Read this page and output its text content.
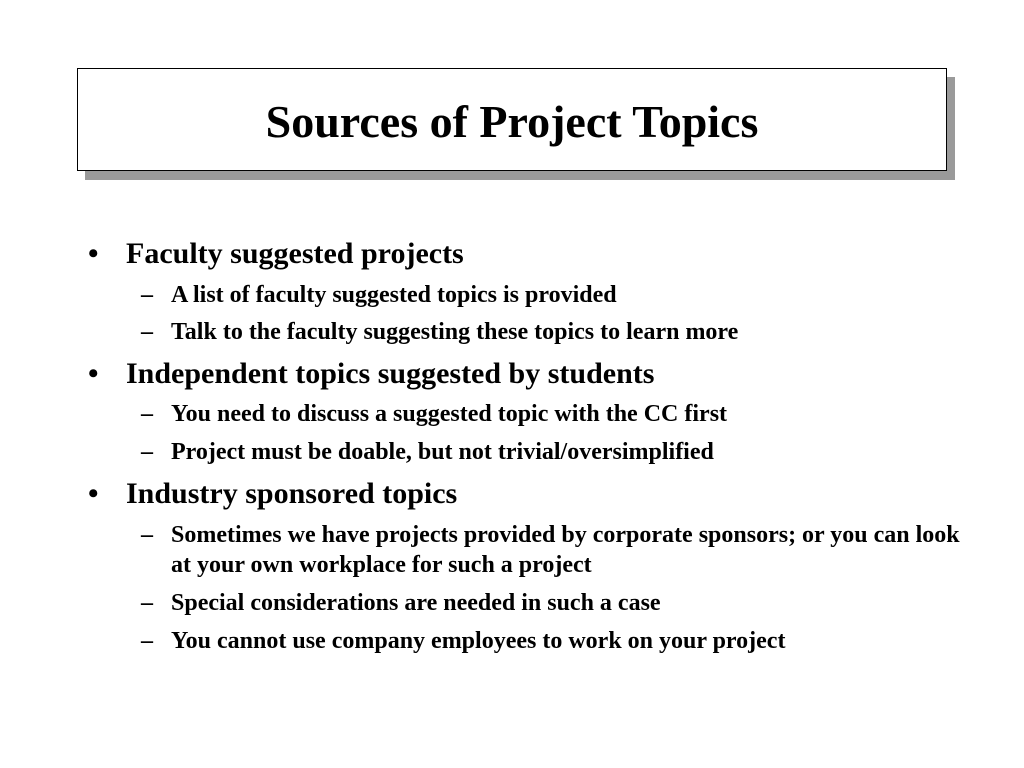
Sources of Project Topics
• Faculty suggested projects
– A list of faculty suggested topics is provided
– Talk to the faculty suggesting these topics to learn more
• Independent topics suggested by students
– You need to discuss a suggested topic with the CC first
– Project must be doable, but not trivial/oversimplified
• Industry sponsored topics
– Sometimes we have projects provided by corporate sponsors; or you can look at your own workplace for such a project
– Special considerations are needed in such a case
– You cannot use company employees to work on your project
